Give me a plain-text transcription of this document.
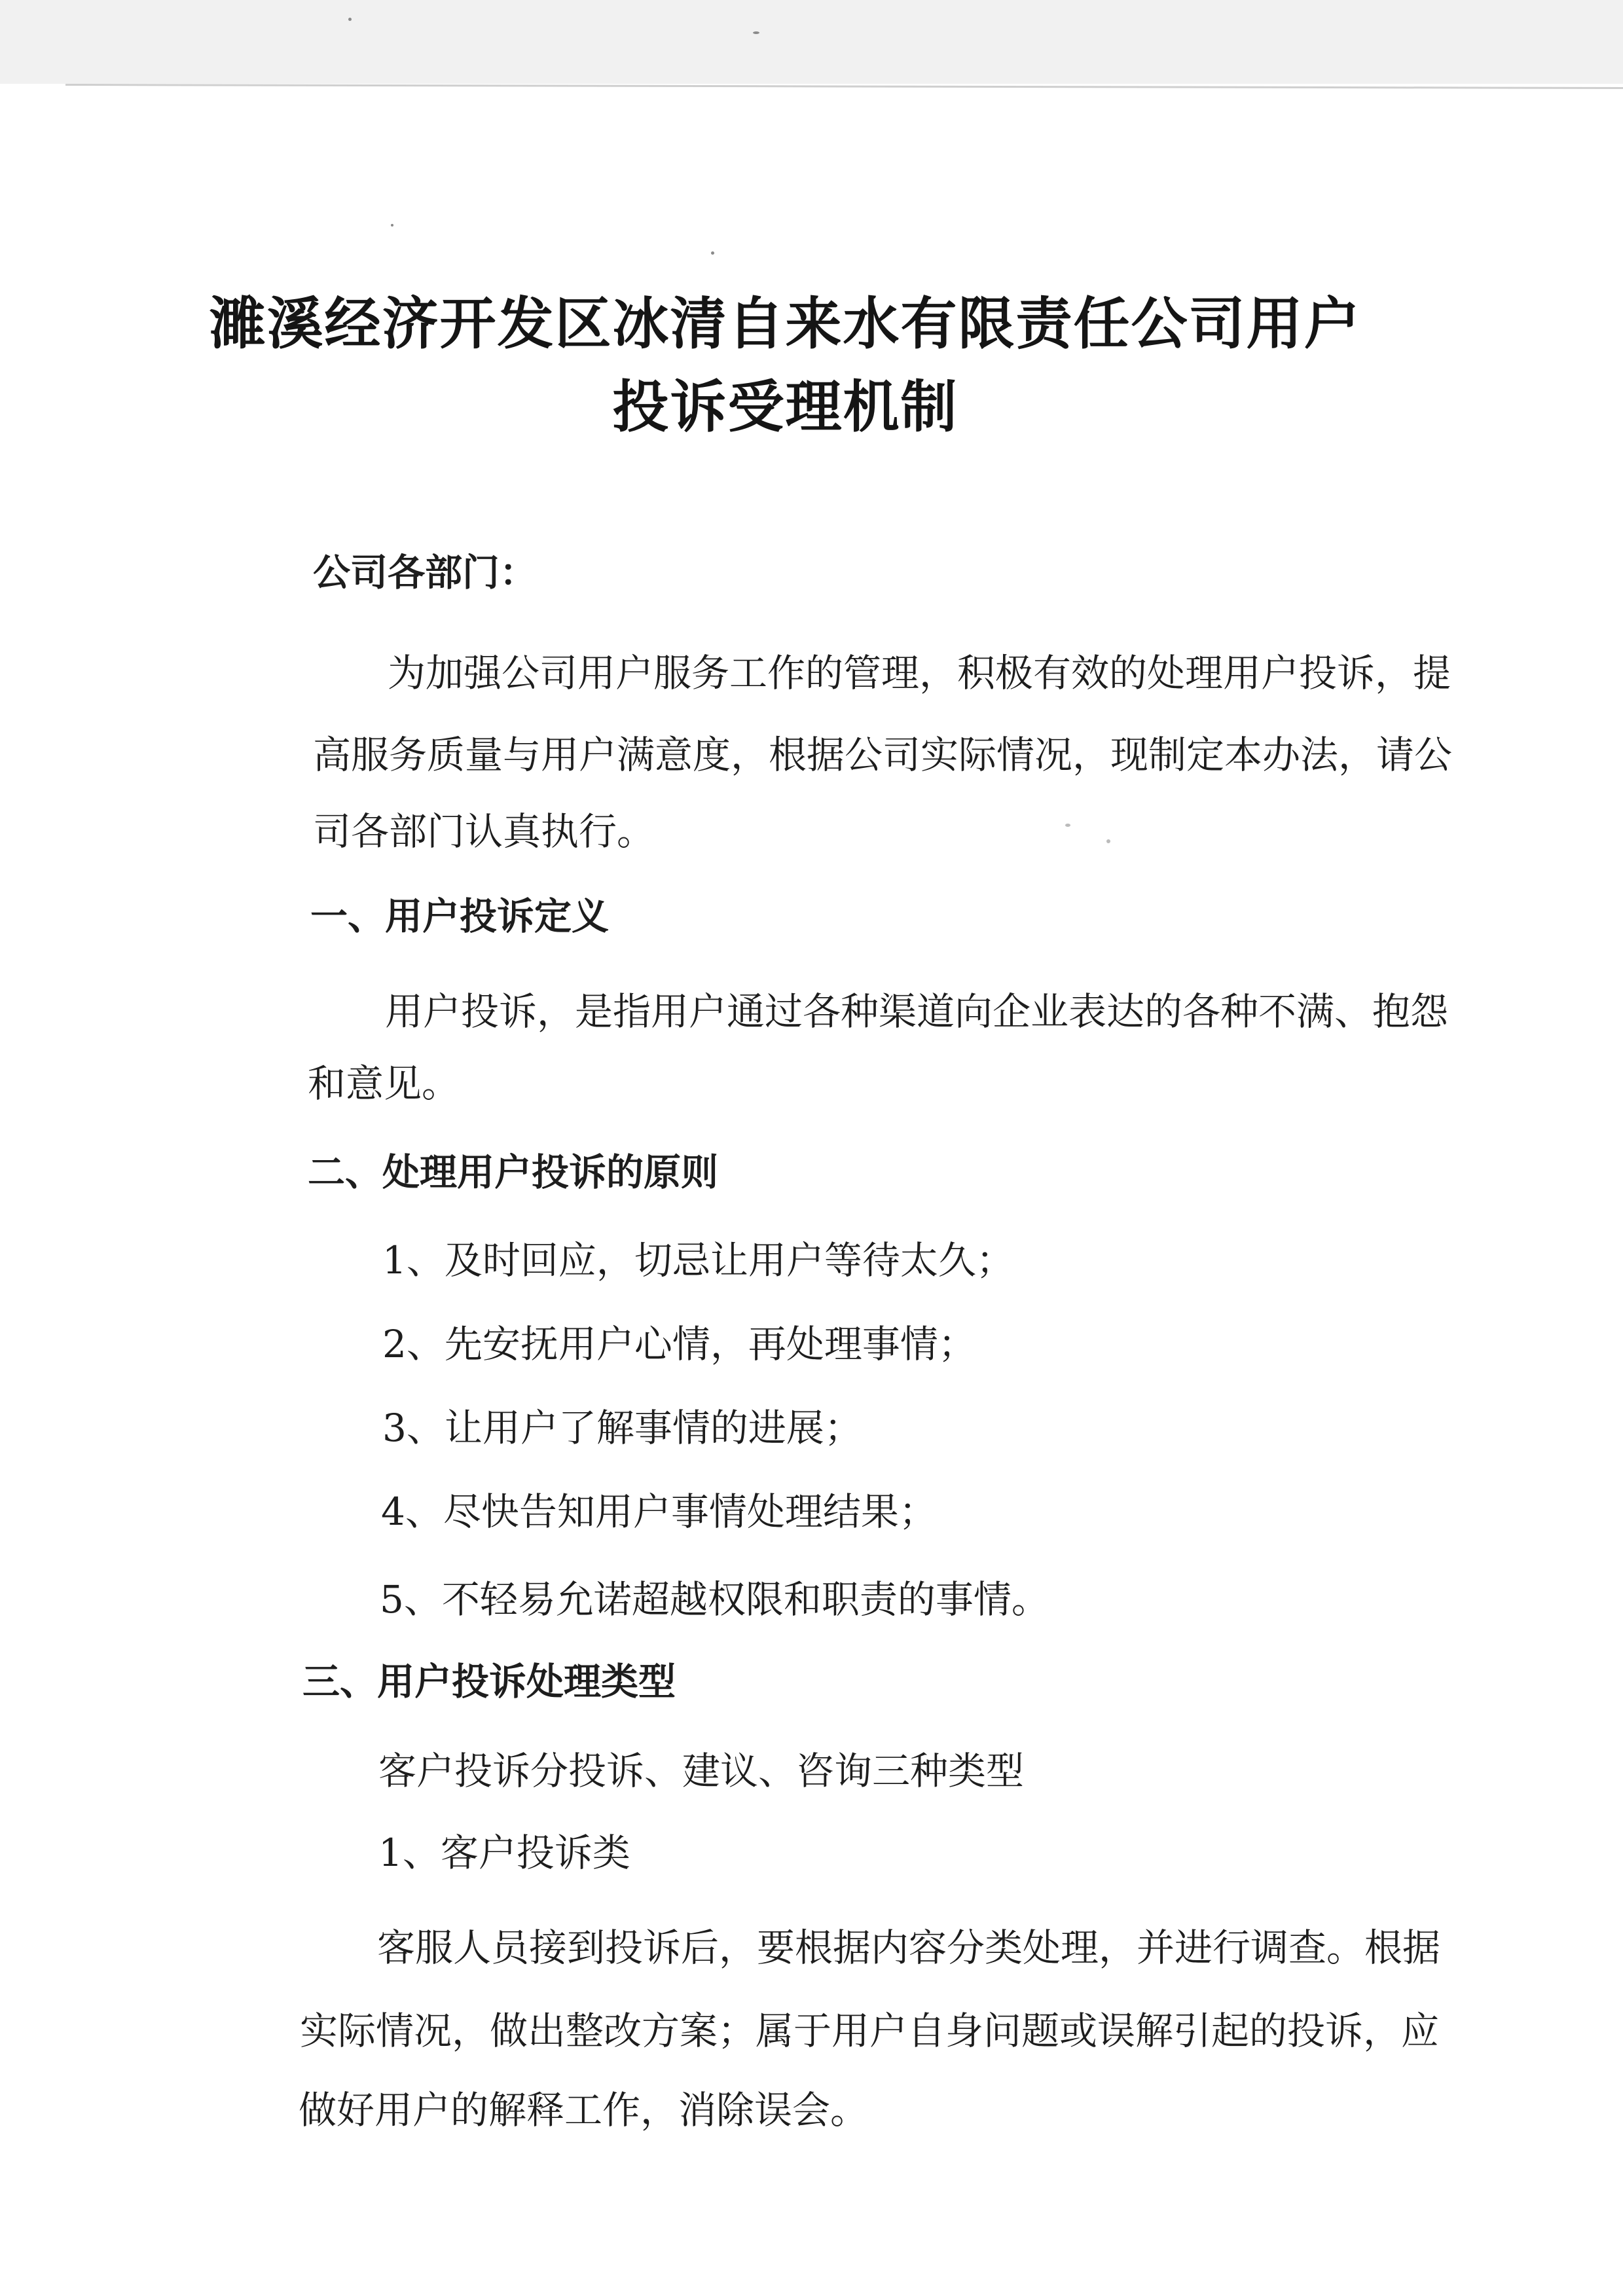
濉溪经济开发区冰清自来水有限责任公司用户
投诉受理机制
公司各部门：
为加强公司用户服务工作的管理，积极有效的处理用户投诉，提
高服务质量与用户满意度，根据公司实际情况，现制定本办法，请公
司各部门认真执行。
一、用户投诉定义
用户投诉，是指用户通过各种渠道向企业表达的各种不满、抱怨
和意见。
二、处理用户投诉的原则
1、及时回应，切忌让用户等待太久；
2、先安抚用户心情，再处理事情；
3、让用户了解事情的进展；
4、尽快告知用户事情处理结果；
5、不轻易允诺超越权限和职责的事情。
三、用户投诉处理类型
客户投诉分投诉、建议、咨询三种类型
1、客户投诉类
客服人员接到投诉后，要根据内容分类处理，并进行调查。根据
实际情况，做出整改方案；属于用户自身问题或误解引起的投诉，应
做好用户的解释工作，消除误会。
